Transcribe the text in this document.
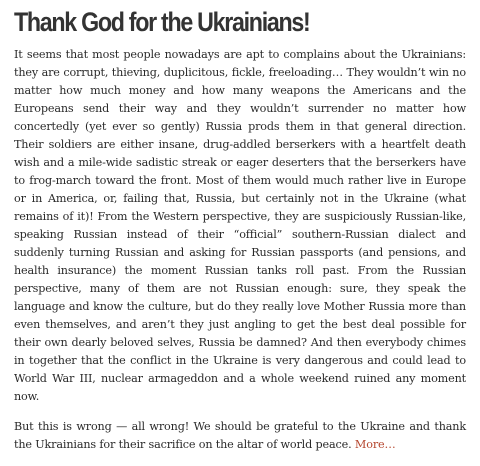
Thank God for the Ukrainians!

It seems that most people nowadays are apt to complains about the Ukrainians: they are corrupt, thieving, duplicitous, fickle, freeloading… They wouldn’t win no matter how much money and how many weapons the Americans and the Europeans send their way and they wouldn’t surrender no matter how concertedly (yet ever so gently) Russia prods them in that general direction. Their soldiers are either insane, drug-addled berserkers with a heartfelt death wish and a mile-wide sadistic streak or eager deserters that the berserkers have to frog-march toward the front. Most of them would much rather live in Europe or in America, or, failing that, Russia, but certainly not in the Ukraine (what remains of it)! From the Western perspective, they are suspiciously Russian-like, speaking Russian instead of their “official” southern-Russian dialect and suddenly turning Russian and asking for Russian passports (and pensions, and health insurance) the moment Russian tanks roll past. From the Russian perspective, many of them are not Russian enough: sure, they speak the language and know the culture, but do they really love Mother Russia more than even themselves, and aren’t they just angling to get the best deal possible for their own dearly beloved selves, Russia be damned? And then everybody chimes in together that the conflict in the Ukraine is very dangerous and could lead to World War III, nuclear armageddon and a whole weekend ruined any moment now.

But this is wrong — all wrong! We should be grateful to the Ukraine and thank the Ukrainians for their sacrifice on the altar of world peace. More…
